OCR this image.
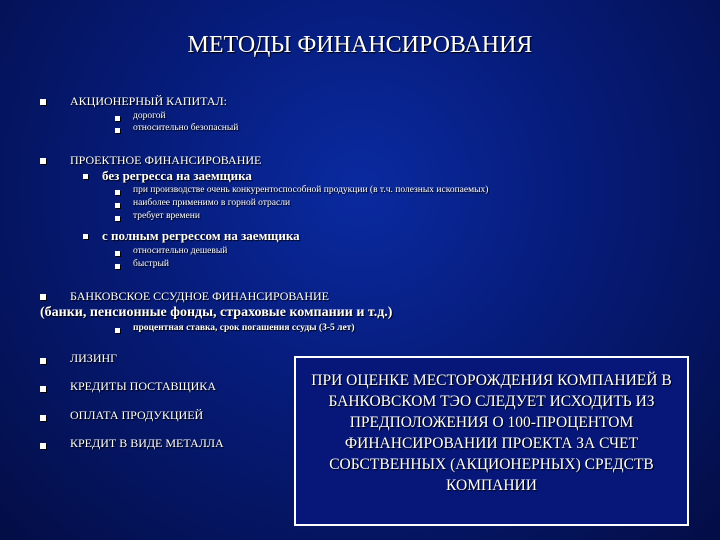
МЕТОДЫ ФИНАНСИРОВАНИЯ
АКЦИОНЕРНЫЙ КАПИТАЛ:
дорогой
относительно безопасный
ПРОЕКТНОЕ ФИНАНСИРОВАНИЕ
без регресса на заемщика
при производстве очень конкурентоспособной продукции (в т.ч. полезных ископаемых)
наиболее применимо в горной отрасли
требует времени
с полным регрессом на заемщика
относительно дешевый
быстрый
БАНКОВСКОЕ ССУДНОЕ ФИНАНСИРОВАНИЕ
(банки, пенсионные фонды, страховые компании и т.д.)
процентная ставка, срок погашения ссуды (3-5 лет)
ЛИЗИНГ
КРЕДИТЫ ПОСТАВЩИКА
ОПЛАТА ПРОДУКЦИЕЙ
КРЕДИТ В ВИДЕ МЕТАЛЛА
ПРИ ОЦЕНКЕ МЕСТОРОЖДЕНИЯ КОМПАНИЕЙ В БАНКОВСКОМ ТЭО СЛЕДУЕТ ИСХОДИТЬ ИЗ ПРЕДПОЛОЖЕНИЯ О 100-ПРОЦЕНТОМ ФИНАНСИРОВАНИИ ПРОЕКТА ЗА СЧЕТ СОБСТВЕННЫХ (АКЦИОНЕРНЫХ) СРЕДСТВ КОМПАНИИ
